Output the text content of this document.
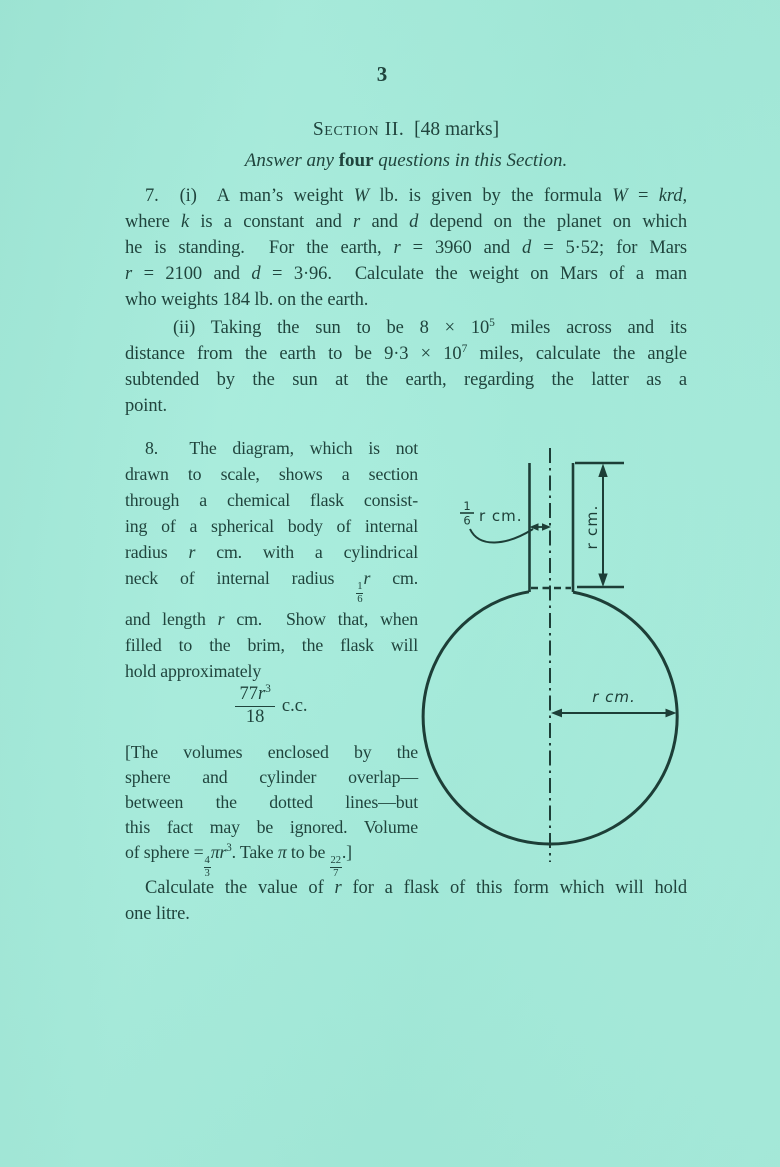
3
Section II. [48 marks]
Answer any four questions in this Section.
7.  (i)  A man’s weight W lb. is given by the formula W = krd,
where k is a constant and r and d depend on the planet on which
he is standing.  For the earth, r = 3960 and d = 5·52; for Mars
r = 2100 and d = 3·96.  Calculate the weight on Mars of a man
who weights 184 lb. on the earth.
(ii) Taking the sun to be $8 \times 10^5$ miles across and its
distance from the earth to be $9\cdot 3 \times 10^7$ miles, calculate the angle
subtended by the sun at the earth, regarding the latter as a
point.
8.  The diagram, which is not
drawn to scale, shows a section
through a chemical flask consist-
ing of a spherical body of internal
radius r cm. with a cylindrical
neck of internal radius
$\frac{1}{6}$
r cm.
and length r cm.  Show that, when
filled to the brim, the flask will
hold approximately
$\frac{77r^3}{18} c.c$.
[The volumes enclosed by the
sphere and cylinder overlap—
between the dotted lines—but
this fact may be ignored. Volume
of sphere =
$\frac{4}{3}$
$\pi r^3$. Take π to be
$\frac{22}{7}$
.]
Calculate the value of r for a flask of this form which will hold
one litre.
r cm.
1
6 r cm.
r cm.
